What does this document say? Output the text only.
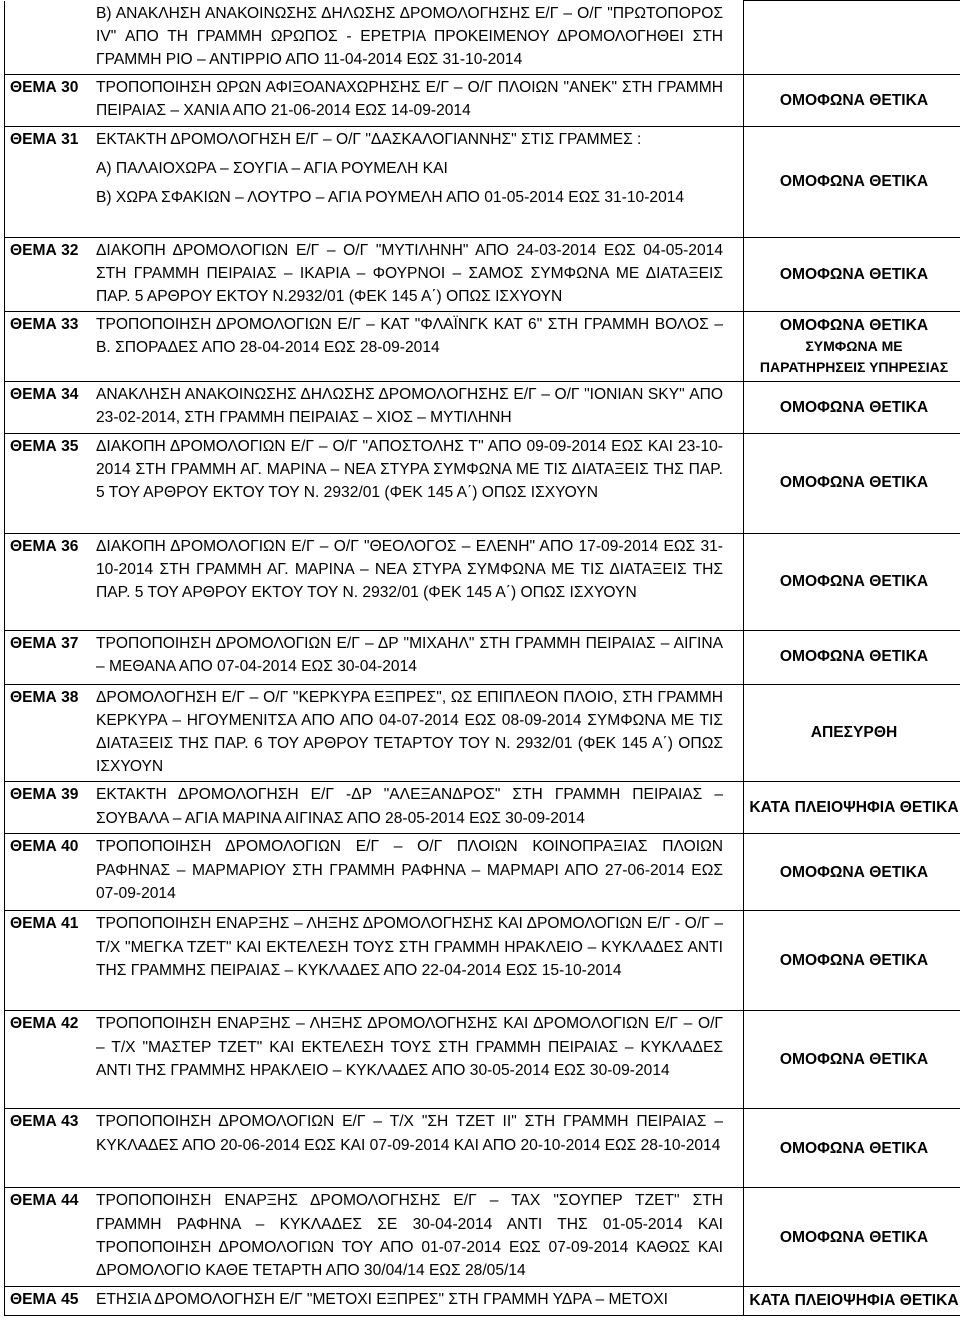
	Β) ΑΝΑΚΛΗΣΗ ΑΝΑΚΟΙΝΩΣΗΣ ΔΗΛΩΣΗΣ ΔΡΟΜΟΛΟΓΗΣΗΣ Ε/Γ – Ο/Γ "ΠΡΩΤΟΠΟΡΟΣ IV" ΑΠΟ ΤΗ ΓΡΑΜΜΗ ΩΡΩΠΟΣ - ΕΡΕΤΡΙΑ ΠΡΟΚΕΙΜΕΝΟΥ ΔΡΟΜΟΛΟΓΗΘΕΙ ΣΤΗ ΓΡΑΜΜΗ ΡΙΟ – ΑΝΤΙΡΡΙΟ ΑΠΟ 11-04-2014 ΕΩΣ 31-10-2014	

ΘΕΜΑ 30	ΤΡΟΠΟΠΟΙΗΣΗ ΩΡΩΝ ΑΦΙΞΟΑΝΑΧΩΡΗΣΗΣ Ε/Γ – Ο/Γ ΠΛΟΙΩΝ "ΑΝΕΚ" ΣΤΗ ΓΡΑΜΜΗ ΠΕΙΡΑΙΑΣ – ΧΑΝΙΑ ΑΠΟ 21-06-2014 ΕΩΣ 14-09-2014	ΟΜΟΦΩΝΑ ΘΕΤΙΚΑ
ΘΕΜΑ 31	ΕΚΤΑΚΤΗ ΔΡΟΜΟΛΟΓΗΣΗ Ε/Γ – Ο/Γ "ΔΑΣΚΑΛΟΓΙΑΝΝΗΣ" ΣΤΙΣ ΓΡΑΜΜΕΣ :
Α) ΠΑΛΑΙΟΧΩΡΑ – ΣΟΥΓΙΑ – ΑΓΙΑ ΡΟΥΜΕΛΗ ΚΑΙ
Β) ΧΩΡΑ ΣΦΑΚΙΩΝ – ΛΟΥΤΡΟ – ΑΓΙΑ ΡΟΥΜΕΛΗ ΑΠΟ 01-05-2014 ΕΩΣ 31-10-2014	ΟΜΟΦΩΝΑ ΘΕΤΙΚΑ
ΘΕΜΑ 32	ΔΙΑΚΟΠΗ ΔΡΟΜΟΛΟΓΙΩΝ Ε/Γ – Ο/Γ "ΜΥΤΙΛΗΝΗ" ΑΠΟ 24-03-2014 ΕΩΣ 04-05-2014 ΣΤΗ ΓΡΑΜΜΗ ΠΕΙΡΑΙΑΣ – ΙΚΑΡΙΑ – ΦΟΥΡΝΟΙ – ΣΑΜΟΣ ΣΥΜΦΩΝΑ ΜΕ ΔΙΑΤΑΞΕΙΣ ΠΑΡ. 5 ΑΡΘΡΟΥ ΕΚΤΟΥ Ν.2932/01 (ΦΕΚ 145 Α΄) ΟΠΩΣ ΙΣΧΥΟΥΝ	ΟΜΟΦΩΝΑ ΘΕΤΙΚΑ
ΘΕΜΑ 33	ΤΡΟΠΟΠΟΙΗΣΗ ΔΡΟΜΟΛΟΓΙΩΝ Ε/Γ – ΚΑΤ "ΦΛΑΪΝΓΚ ΚΑΤ 6" ΣΤΗ ΓΡΑΜΜΗ ΒΟΛΟΣ – Β. ΣΠΟΡΑΔΕΣ ΑΠΟ 28-04-2014 ΕΩΣ 28-09-2014	ΟΜΟΦΩΝΑ ΘΕΤΙΚΑ
ΣΥΜΦΩΝΑ ΜΕ
ΠΑΡΑΤΗΡΗΣΕΙΣ ΥΠΗΡΕΣΙΑΣ

ΘΕΜΑ 34	ΑΝΑΚΛΗΣΗ ΑΝΑΚΟΙΝΩΣΗΣ ΔΗΛΩΣΗΣ ΔΡΟΜΟΛΟΓΗΣΗΣ Ε/Γ – Ο/Γ "IONIAN SKY" ΑΠΟ 23-02-2014, ΣΤΗ ΓΡΑΜΜΗ ΠΕΙΡΑΙΑΣ – ΧΙΟΣ – ΜΥΤΙΛΗΝΗ	ΟΜΟΦΩΝΑ ΘΕΤΙΚΑ
ΘΕΜΑ 35	ΔΙΑΚΟΠΗ ΔΡΟΜΟΛΟΓΙΩΝ Ε/Γ – Ο/Γ "ΑΠΟΣΤΟΛΗΣ Τ" ΑΠΟ 09-09-2014 ΕΩΣ ΚΑΙ 23-10-2014 ΣΤΗ ΓΡΑΜΜΗ ΑΓ. ΜΑΡΙΝΑ – ΝΕΑ ΣΤΥΡΑ ΣΥΜΦΩΝΑ ΜΕ ΤΙΣ ΔΙΑΤΑΞΕΙΣ ΤΗΣ ΠΑΡ. 5 ΤΟΥ ΑΡΘΡΟΥ ΕΚΤΟΥ ΤΟΥ Ν. 2932/01 (ΦΕΚ 145 Α΄) ΟΠΩΣ ΙΣΧΥΟΥΝ	ΟΜΟΦΩΝΑ ΘΕΤΙΚΑ
ΘΕΜΑ 36	ΔΙΑΚΟΠΗ ΔΡΟΜΟΛΟΓΙΩΝ Ε/Γ – Ο/Γ "ΘΕΟΛΟΓΟΣ – ΕΛΕΝΗ" ΑΠΟ 17-09-2014 ΕΩΣ 31-10-2014 ΣΤΗ ΓΡΑΜΜΗ ΑΓ. ΜΑΡΙΝΑ – ΝΕΑ ΣΤΥΡΑ ΣΥΜΦΩΝΑ ΜΕ ΤΙΣ ΔΙΑΤΑΞΕΙΣ ΤΗΣ ΠΑΡ. 5 ΤΟΥ ΑΡΘΡΟΥ ΕΚΤΟΥ ΤΟΥ Ν. 2932/01 (ΦΕΚ 145 Α΄) ΟΠΩΣ ΙΣΧΥΟΥΝ	ΟΜΟΦΩΝΑ ΘΕΤΙΚΑ
ΘΕΜΑ 37	ΤΡΟΠΟΠΟΙΗΣΗ ΔΡΟΜΟΛΟΓΙΩΝ Ε/Γ – ΔΡ "ΜΙΧΑΗΛ" ΣΤΗ ΓΡΑΜΜΗ ΠΕΙΡΑΙΑΣ – ΑΙΓΙΝΑ – ΜΕΘΑΝΑ ΑΠΟ 07-04-2014 ΕΩΣ 30-04-2014	ΟΜΟΦΩΝΑ ΘΕΤΙΚΑ
ΘΕΜΑ 38	ΔΡΟΜΟΛΟΓΗΣΗ Ε/Γ – Ο/Γ "ΚΕΡΚΥΡΑ ΕΞΠΡΕΣ", ΩΣ ΕΠΙΠΛΕΟΝ ΠΛΟΙΟ, ΣΤΗ ΓΡΑΜΜΗ ΚΕΡΚΥΡΑ – ΗΓΟΥΜΕΝΙΤΣΑ ΑΠΟ ΑΠΟ 04-07-2014 ΕΩΣ 08-09-2014 ΣΥΜΦΩΝΑ ΜΕ ΤΙΣ ΔΙΑΤΑΞΕΙΣ ΤΗΣ ΠΑΡ. 6 ΤΟΥ ΑΡΘΡΟΥ ΤΕΤΑΡΤΟΥ ΤΟΥ Ν. 2932/01 (ΦΕΚ 145 Α΄) ΟΠΩΣ ΙΣΧΥΟΥΝ	ΑΠΕΣΥΡΘΗ
ΘΕΜΑ 39	ΕΚΤΑΚΤΗ ΔΡΟΜΟΛΟΓΗΣΗ Ε/Γ -ΔΡ "ΑΛΕΞΑΝΔΡΟΣ" ΣΤΗ ΓΡΑΜΜΗ ΠΕΙΡΑΙΑΣ – ΣΟΥΒΑΛΑ – ΑΓΙΑ ΜΑΡΙΝΑ ΑΙΓΙΝΑΣ ΑΠΟ 28-05-2014 ΕΩΣ 30-09-2014	ΚΑΤΑ ΠΛΕΙΟΨΗΦΙΑ ΘΕΤΙΚΑ
ΘΕΜΑ 40	ΤΡΟΠΟΠΟΙΗΣΗ ΔΡΟΜΟΛΟΓΙΩΝ Ε/Γ – Ο/Γ ΠΛΟΙΩΝ ΚΟΙΝΟΠΡΑΞΙΑΣ ΠΛΟΙΩΝ ΡΑΦΗΝΑΣ – ΜΑΡΜΑΡΙΟΥ ΣΤΗ ΓΡΑΜΜΗ ΡΑΦΗΝΑ – ΜΑΡΜΑΡΙ ΑΠΟ 27-06-2014 ΕΩΣ 07-09-2014	ΟΜΟΦΩΝΑ ΘΕΤΙΚΑ
ΘΕΜΑ 41	ΤΡΟΠΟΠΟΙΗΣΗ ΕΝΑΡΞΗΣ – ΛΗΞΗΣ ΔΡΟΜΟΛΟΓΗΣΗΣ ΚΑΙ ΔΡΟΜΟΛΟΓΙΩΝ Ε/Γ - Ο/Γ – Τ/Χ "ΜΕΓΚΑ ΤΖΕΤ" ΚΑΙ ΕΚΤΕΛΕΣΗ ΤΟΥΣ ΣΤΗ ΓΡΑΜΜΗ ΗΡΑΚΛΕΙΟ – ΚΥΚΛΑΔΕΣ ΑΝΤΙ ΤΗΣ ΓΡΑΜΜΗΣ ΠΕΙΡΑΙΑΣ – ΚΥΚΛΑΔΕΣ ΑΠΟ 22-04-2014 ΕΩΣ 15-10-2014	ΟΜΟΦΩΝΑ ΘΕΤΙΚΑ
ΘΕΜΑ 42	ΤΡΟΠΟΠΟΙΗΣΗ ΕΝΑΡΞΗΣ – ΛΗΞΗΣ ΔΡΟΜΟΛΟΓΗΣΗΣ ΚΑΙ ΔΡΟΜΟΛΟΓΙΩΝ Ε/Γ – Ο/Γ – Τ/Χ "ΜΑΣΤΕΡ ΤΖΕΤ" ΚΑΙ ΕΚΤΕΛΕΣΗ ΤΟΥΣ ΣΤΗ ΓΡΑΜΜΗ ΠΕΙΡΑΙΑΣ – ΚΥΚΛΑΔΕΣ ΑΝΤΙ ΤΗΣ ΓΡΑΜΜΗΣ ΗΡΑΚΛΕΙΟ – ΚΥΚΛΑΔΕΣ ΑΠΟ 30-05-2014 ΕΩΣ 30-09-2014	ΟΜΟΦΩΝΑ ΘΕΤΙΚΑ
ΘΕΜΑ 43	ΤΡΟΠΟΠΟΙΗΣΗ ΔΡΟΜΟΛΟΓΙΩΝ Ε/Γ – Τ/Χ "ΣΗ ΤΖΕΤ ΙΙ" ΣΤΗ ΓΡΑΜΜΗ ΠΕΙΡΑΙΑΣ – ΚΥΚΛΑΔΕΣ ΑΠΟ 20-06-2014 ΕΩΣ ΚΑΙ 07-09-2014 ΚΑΙ ΑΠΟ 20-10-2014 ΕΩΣ 28-10-2014	ΟΜΟΦΩΝΑ ΘΕΤΙΚΑ
ΘΕΜΑ 44	ΤΡΟΠΟΠΟΙΗΣΗ ΕΝΑΡΞΗΣ ΔΡΟΜΟΛΟΓΗΣΗΣ Ε/Γ – ΤΑΧ "ΣΟΥΠΕΡ ΤΖΕΤ" ΣΤΗ ΓΡΑΜΜΗ ΡΑΦΗΝΑ – ΚΥΚΛΑΔΕΣ ΣΕ 30-04-2014 ΑΝΤΙ ΤΗΣ 01-05-2014 ΚΑΙ ΤΡΟΠΟΠΟΙΗΣΗ ΔΡΟΜΟΛΟΓΙΩΝ ΤΟΥ ΑΠΟ 01-07-2014 ΕΩΣ 07-09-2014 ΚΑΘΩΣ ΚΑΙ ΔΡΟΜΟΛΟΓΙΟ ΚΑΘΕ ΤΕΤΑΡΤΗ ΑΠΟ 30/04/14 ΕΩΣ 28/05/14	ΟΜΟΦΩΝΑ ΘΕΤΙΚΑ
ΘΕΜΑ 45	ΕΤΗΣΙΑ ΔΡΟΜΟΛΟΓΗΣΗ Ε/Γ "ΜΕΤΟΧΙ ΕΞΠΡΕΣ" ΣΤΗ ΓΡΑΜΜΗ ΥΔΡΑ – ΜΕΤΟΧΙ	ΚΑΤΑ ΠΛΕΙΟΨΗΦΙΑ ΘΕΤΙΚΑ
